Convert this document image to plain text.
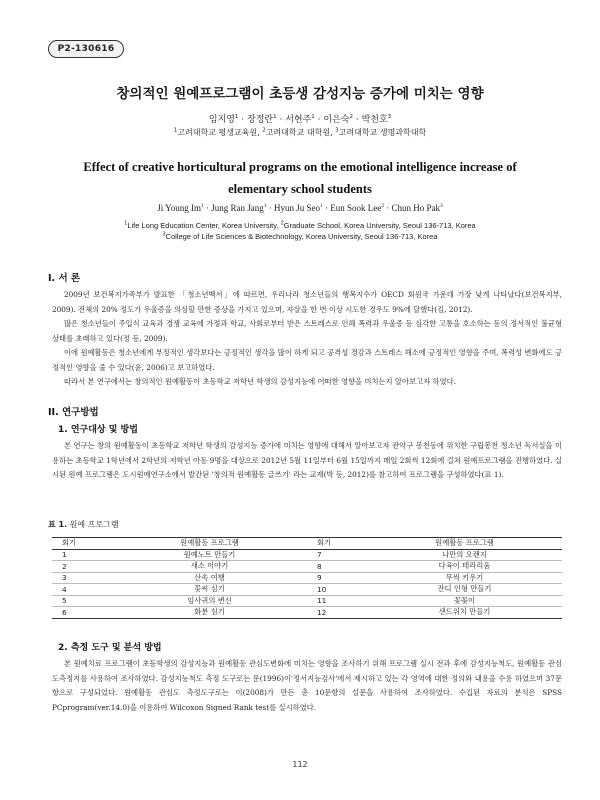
P2-130616
창의적인 원예프로그램이 초등생 감성지능 증가에 미치는 영향
임지영$^1$ · 장정란$^1$ · 서현주$^1$ · 이은숙$^2$ · 박천호$^3$
$^1$고려대학교 평생교육원, $^2$고려대학교 대학원, $^3$고려대학교 생명과학대학
Effect of creative horticultural programs on the emotional intelligence increase of elementary school students
Ji Young $Im^1$ · Jung Ran Jang$^1$ · Hyun Ju Seo$^1$ · Eun Sook Lee$^2$ · Chun Ho Pak$^3$
$^1$Life Long Education Center, Korea University, $^2$Graduate School, Korea University, Seoul 136-713, Korea
$^3$College of Life Sciences & Biotechnology, Korea University, Seoul 136-713, Korea
I. 서 론
2009년 보건복지가족부가 발표한 「청소년백서」에 따르면, 우리나라 청소년들의 행복지수가 OECD 회원국 가운데 가장 낮게 나타났다(보건복지부, 2009). 전체의 20% 정도가 우울증을 의심할 만한 증상을 가지고 있으며, 자살을 한 번 이상 시도한 경우도 9%에 달했다(김, 2012).
많은 청소년들이 주입식 교육과 경쟁 교육에 가정과 학교, 사회로부터 받은 스트레스로 인해 폭력과 우울증 등 심각한 고통을 호소하는 등의 정서적인 불균형 상태를 초래하고 있다(정 등, 2009).
이에 원예활동은 청소년에게 부정적인 생각보다는 긍정적인 생각을 많이 하게 되고 공격성 경감과 스트레스 해소에 긍정적인 영향을 주며, 폭력성 변화에도 긍정적인 영향을 줄 수 있다(윤, 2006)고 보고하였다.
따라서 본 연구에서는 창의적인 원예활동이 초등학교 저학년 학생의 감성지능에 어떠한 영향을 미치는지 알아보고자 하였다.
II. 연구방법
1. 연구대상 및 방법
본 연구는 창의 원예활동이 초등학교 저학년 학생의 감성지능 증가에 미치는 영향에 대해서 알아보고자 관악구 봉천동에 위치한 구립봉천 청소년 독서실을 이용하는 초등학교 1학년에서 2학년의 저학년 아동 9명을 대상으로 2012년 5월 11일부터 6월 15일까지 매일 2회씩 12회에 걸쳐 원예프로그램을 진행하였다. 실시된 원예 프로그램은 도시원예연구소에서 발간된 '창의적 원예활동 글쓰기' 라는 교재(박 등, 2012)를 참고하여 프로그램을 구성하였다(표 1).
표 1. 원예 프로그램
회기	원예활동 프로그램	회기	원예활동 프로그램
1	원예노트 만들기	7	나만의 오렌지
2	새소 이야기	8	다육이 테라리움
3	산속 여행	9	무씩 키우기
4	꽃씨 심기	10	잔디 인형 만들기
5	임사귀의 변신	11	꽃꽂이
6	화분 심기	12	샌드위치 만들기
2. 측정 도구 및 분석 방법
본 원예치료 프로그램이 초등학생의 감성지능과 원예활동 관심도변화에 미치는 영향을 조사하기 위해 프로그램 실시 전과 후에 감성지능척도, 원예활동 관심도측정지를 사용하여 조사하였다. 감성지능척도 측정 도구로는 문(1996)이'정서지능검사'에서 제시하고 있는 각 영역에 대한 정의와 내용을 수용 하였으며 37문항으로 구성되었다. 원예활동 관심도 측정도구로는 이(2008)가 만든 총 10문항의 설문을 사용하여 조사하였다. 수집된 자료의 분석은 SPSS PCprogram(ver.14.0)을 이용하여 Wilcoxon Signed Rank test를 실시하였다.
112
